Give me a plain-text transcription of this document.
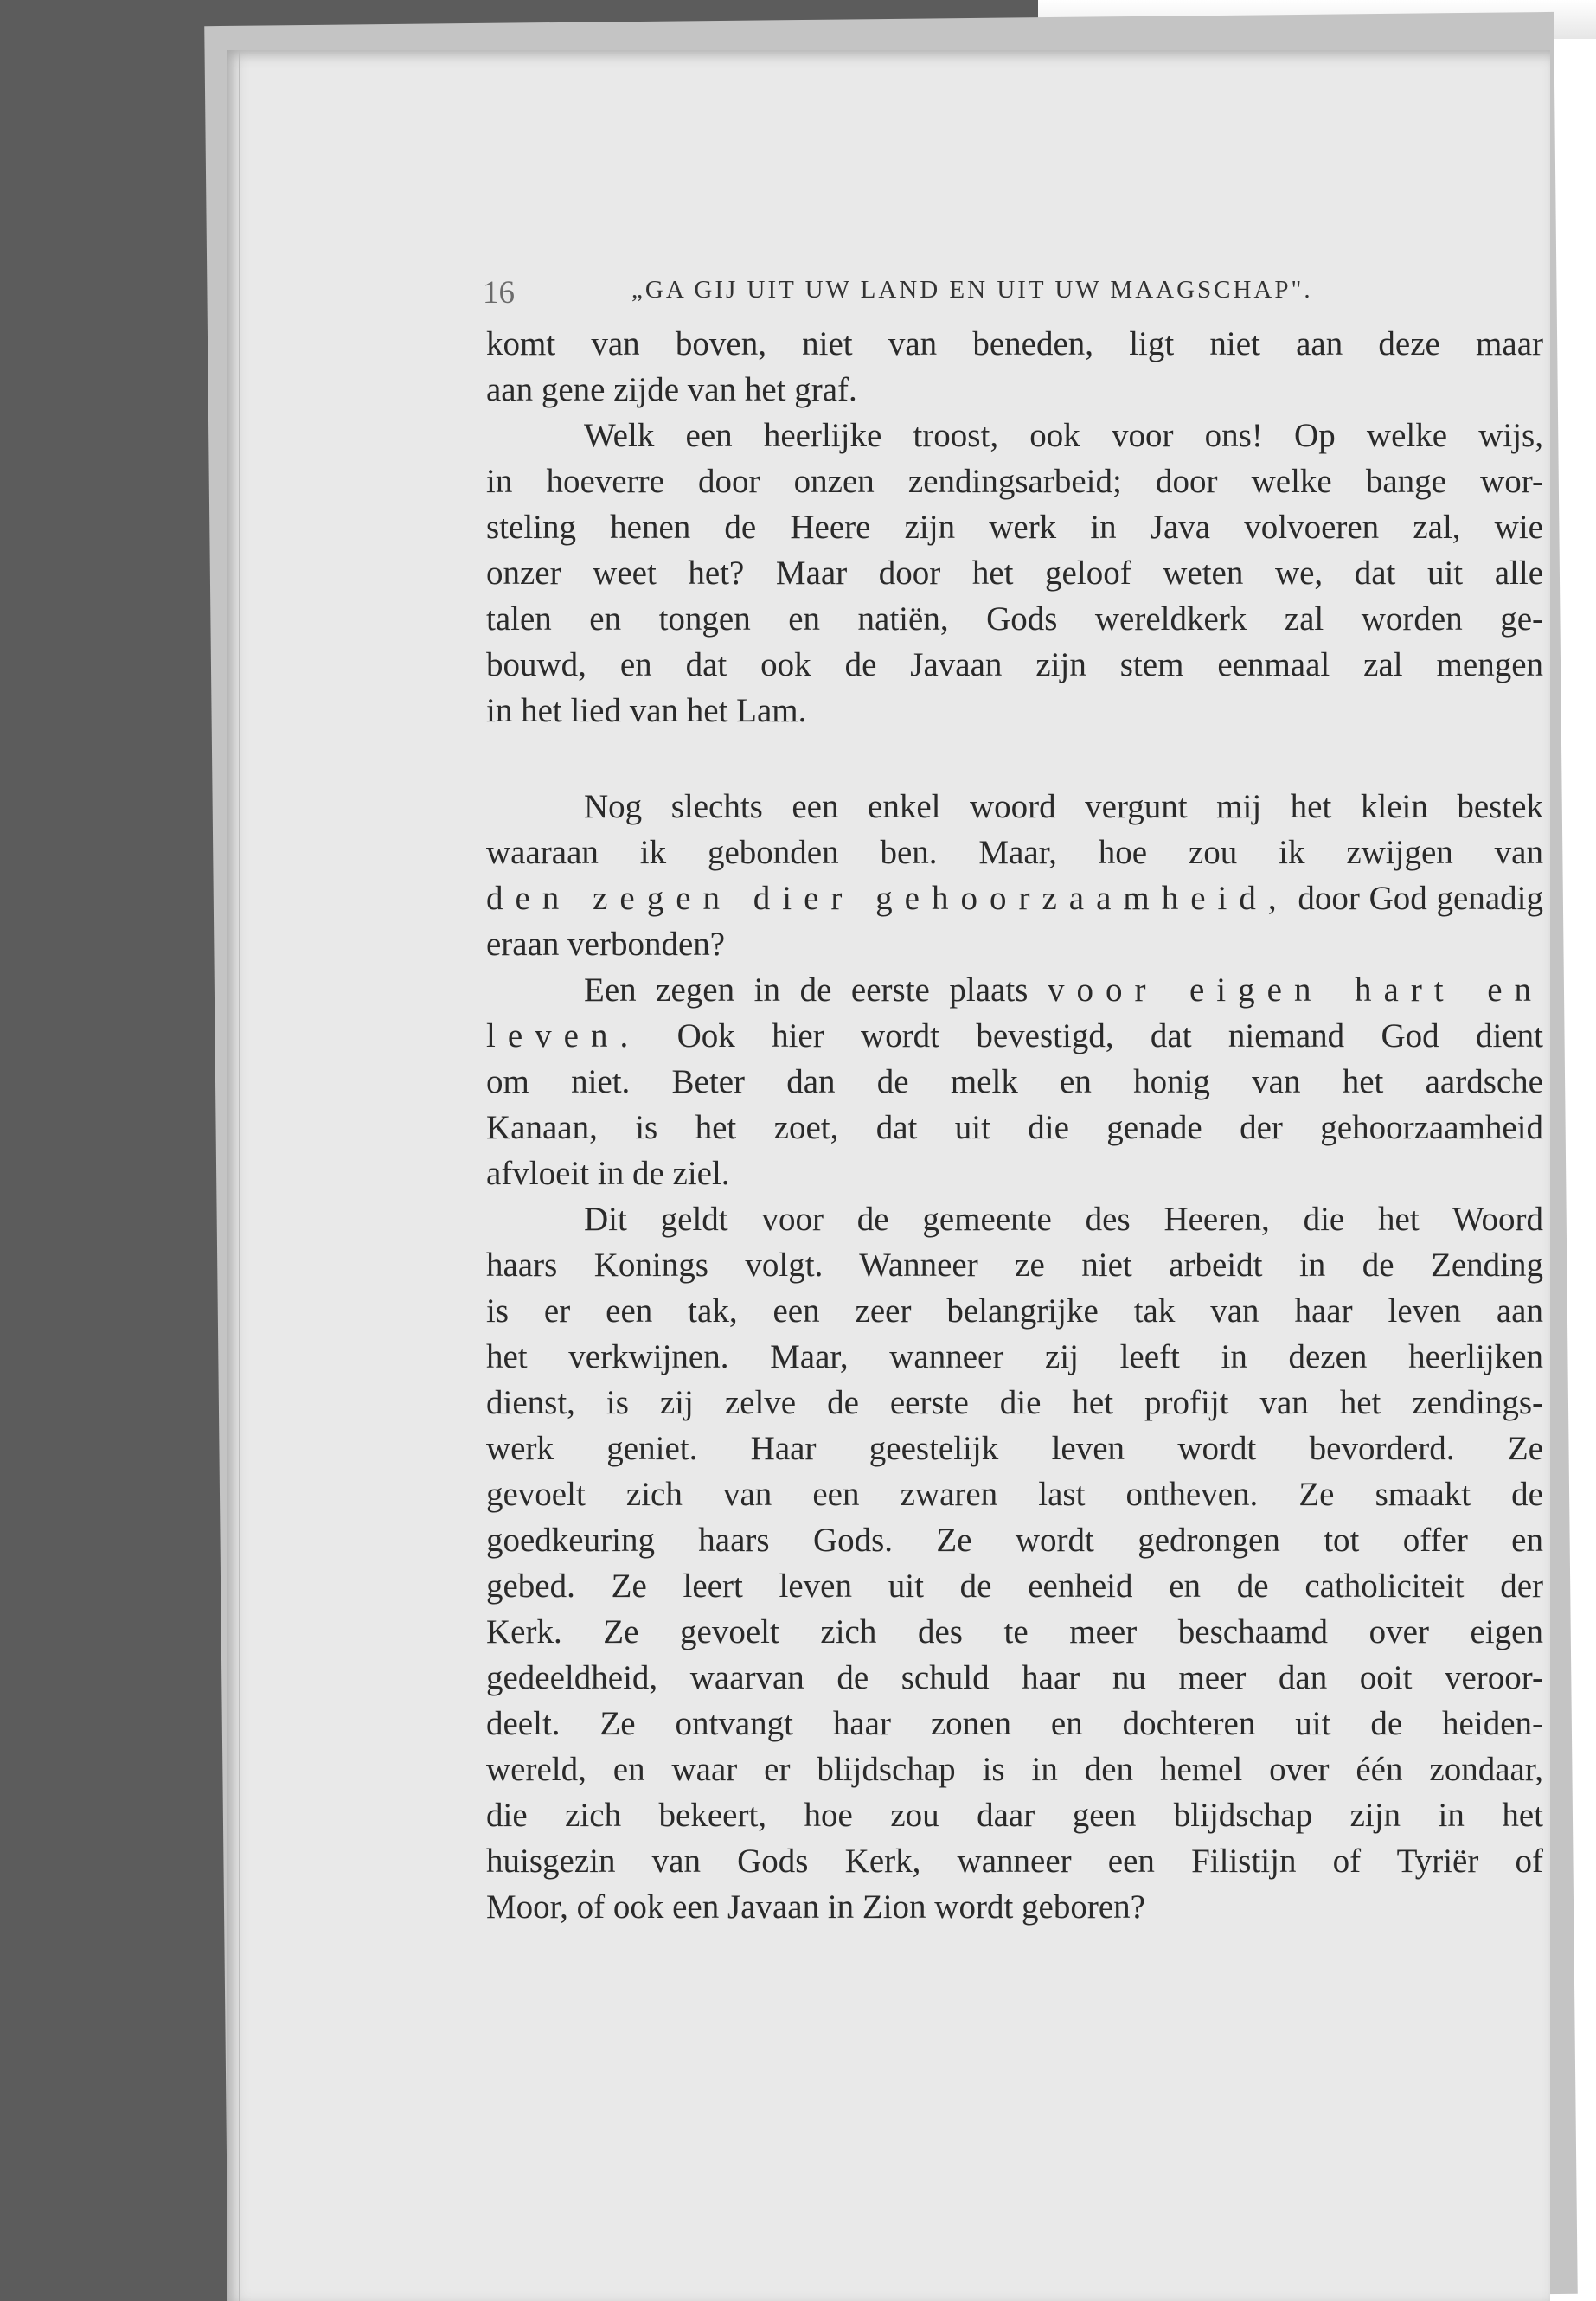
16	„GA GIJ UIT UW LAND EN UIT UW MAAGSCHAP".
komt van boven, niet van beneden, ligt niet aan deze maar
aan gene zijde van het graf.
Welk een heerlijke troost, ook voor ons! Op welke wijs,
in hoeverre door onzen zendingsarbeid; door welke bange wor-
steling henen de Heere zijn werk in Java volvoeren zal, wie
onzer weet het? Maar door het geloof weten we, dat uit alle
talen en tongen en natiën, Gods wereldkerk zal worden ge-
bouwd, en dat ook de Javaan zijn stem eenmaal zal mengen
in het lied van het Lam.
Nog slechts een enkel woord vergunt mij het klein bestek
waaraan ik gebonden ben. Maar, hoe zou ik zwijgen van
den zegen dier gehoorzaamheid, door God genadig
eraan verbonden?
Een zegen in de eerste plaats voor eigen hart en
leven. Ook hier wordt bevestigd, dat niemand God dient
om niet. Beter dan de melk en honig van het aardsche
Kanaan, is het zoet, dat uit die genade der gehoorzaamheid
afvloeit in de ziel.
Dit geldt voor de gemeente des Heeren, die het Woord
haars Konings volgt. Wanneer ze niet arbeidt in de Zending
is er een tak, een zeer belangrijke tak van haar leven aan
het verkwijnen. Maar, wanneer zij leeft in dezen heerlijken
dienst, is zij zelve de eerste die het profijt van het zendings-
werk geniet. Haar geestelijk leven wordt bevorderd. Ze
gevoelt zich van een zwaren last ontheven. Ze smaakt de
goedkeuring haars Gods. Ze wordt gedrongen tot offer en
gebed. Ze leert leven uit de eenheid en de catholiciteit der
Kerk. Ze gevoelt zich des te meer beschaamd over eigen
gedeeldheid, waarvan de schuld haar nu meer dan ooit veroor-
deelt. Ze ontvangt haar zonen en dochteren uit de heiden-
wereld, en waar er blijdschap is in den hemel over één zondaar,
die zich bekeert, hoe zou daar geen blijdschap zijn in het
huisgezin van Gods Kerk, wanneer een Filistijn of Tyriër of
Moor, of ook een Javaan in Zion wordt geboren?
